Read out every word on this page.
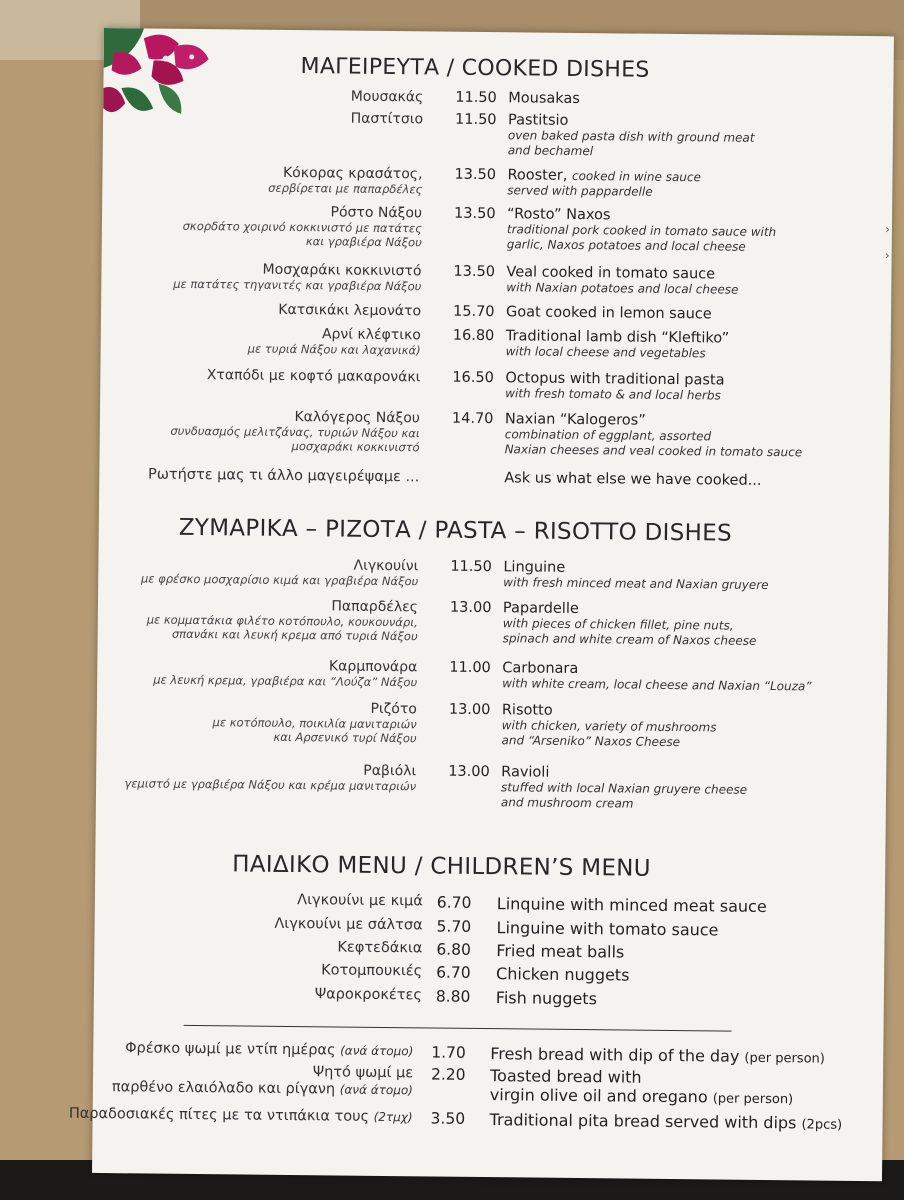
›
›
ΜΑΓΕΙΡΕΥΤΑ / COOKED DISHES
Μουσακάς 11.50 Mousakas
Παστίτσιο 11.50 Pastitsio
oven baked pasta dish with ground meat
and bechamel
Κόκορας κρασάτος,
σερβίρεται με παπαρδέλες
13.50 Rooster, cooked in wine sauce
served with pappardelle
Ρόστο Νάξου
σκορδάτο χοιρινό κοκκινιστό με πατάτες
και γραβιέρα Νάξου
13.50 “Rosto” Naxos
traditional pork cooked in tomato sauce with
garlic, Naxos potatoes and local cheese
Μοσχαράκι κοκκινιστό
με πατάτες τηγανιτές και γραβιέρα Νάξου
13.50 Veal cooked in tomato sauce
with Naxian potatoes and local cheese
Κατσικάκι λεμονάτο 15.70 Goat cooked in lemon sauce
Αρνί κλέφτικο
με τυριά Νάξου και λαχανικά)
16.80 Traditional lamb dish “Kleftiko”
with local cheese and vegetables
Χταπόδι με κοφτό μακαρονάκι 16.50 Octopus with traditional pasta
with fresh tomato & and local herbs
Καλόγερος Νάξου
συνδυασμός μελιτζάνας, τυριών Νάξου και
μοσχαράκι κοκκινιστό
14.70 Naxian “Kalogeros”
combination of eggplant, assorted
Naxian cheeses and veal cooked in tomato sauce
Ρωτήστε μας τι άλλο μαγειρέψαμε ...	Ask us what else we have cooked...
ΖΥΜΑΡΙΚΑ – ΡΙΖΟΤΑ / PASTA – RISOTTO DISHES
Λιγκουίνι
με φρέσκο μοσχαρίσιο κιμά και γραβιέρα Νάξου
11.50 Linguine
with fresh minced meat and Naxian gruyere
Παπαρδέλες
με κομματάκια φιλέτο κοτόπουλο, κουκουνάρι,
σπανάκι και λευκή κρεμα από τυριά Νάξου
13.00 Papardelle
with pieces of chicken fillet, pine nuts,
spinach and white cream of Naxos cheese
Καρμπονάρα
με λευκή κρεμα, γραβιέρα και “Λούζα” Νάξου
11.00 Carbonara
with white cream, local cheese and Naxian “Louza”
Ριζότο
με κοτόπουλο, ποικιλία μανιταριών
και Αρσενικό τυρί Νάξου
13.00 Risotto
with chicken, variety of mushrooms
and “Arseniko” Naxos Cheese
Ραβιόλι
γεμιστό με γραβιέρα Νάξου και κρέμα μανιταριών
13.00 Ravioli
stuffed with local Naxian gruyere cheese
and mushroom cream
ΠΑΙΔΙΚΟ MENU / CHILDREN’S MENU
Λιγκουίνι με κιμά 6.70 Linquine with minced meat sauce
Λιγκουίνι με σάλτσα 5.70 Linguine with tomato sauce
Κεφτεδάκια 6.80 Fried meat balls
Κοτομπουκιές 6.70 Chicken nuggets
Ψαροκροκέτες 8.80 Fish nuggets
Φρέσκο ψωμί με ντίπ ημέρας (ανά άτομο) 1.70 Fresh bread with dip of the day (per person)
Ψητό ψωμί με
παρθένο ελαιόλαδο και ρίγανη (ανά άτομο)
2.20 Toasted bread with
virgin olive oil and oregano (per person)
Παραδοσιακές πίτες με τα ντιπάκια τους (2τμχ) 3.50 Traditional pita bread served with dips (2pcs)
